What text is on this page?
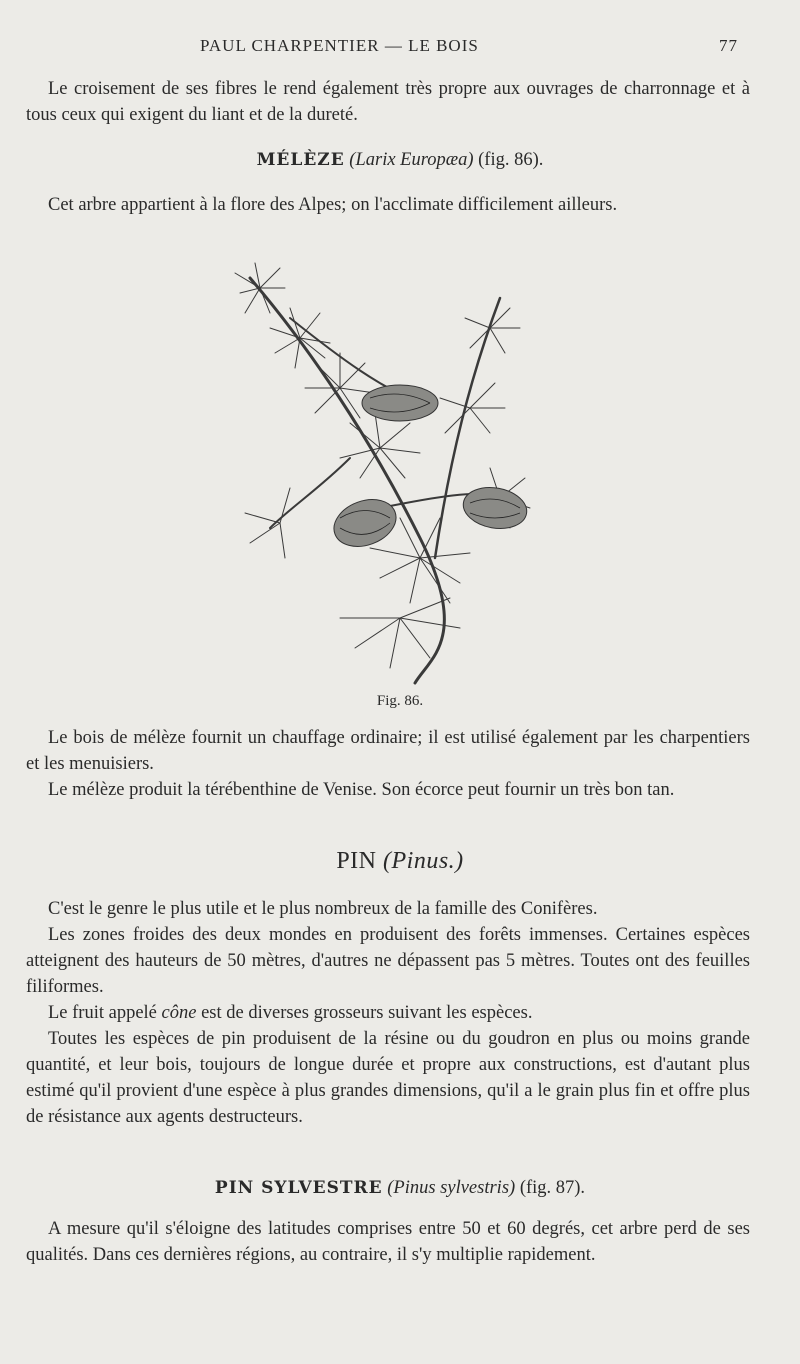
PAUL CHARPENTIER — LE BOIS	77

Le croisement de ses fibres le rend également très propre aux ouvrages de charronnage et à tous ceux qui exigent du liant et de la dureté.

MÉLÈZE (Larix Europæa) (fig. 86).

Cet arbre appartient à la flore des Alpes; on l'acclimate difficilement ailleurs.

Fig. 86.

Le bois de mélèze fournit un chauffage ordinaire; il est utilisé également par les charpentiers et les menuisiers.

Le mélèze produit la térébenthine de Venise. Son écorce peut fournir un très bon tan.

PIN (Pinus.)

C'est le genre le plus utile et le plus nombreux de la famille des Conifères.

Les zones froides des deux mondes en produisent des forêts immenses. Certaines espèces atteignent des hauteurs de 50 mètres, d'autres ne dépassent pas 5 mètres. Toutes ont des feuilles filiformes.

Le fruit appelé cône est de diverses grosseurs suivant les espèces.

Toutes les espèces de pin produisent de la résine ou du goudron en plus ou moins grande quantité, et leur bois, toujours de longue durée et propre aux constructions, est d'autant plus estimé qu'il provient d'une espèce à plus grandes dimensions, qu'il a le grain plus fin et offre plus de résistance aux agents destructeurs.

PIN SYLVESTRE (Pinus sylvestris) (fig. 87).

A mesure qu'il s'éloigne des latitudes comprises entre 50 et 60 degrés, cet arbre perd de ses qualités. Dans ces dernières régions, au contraire, il s'y multiplie rapidement.
